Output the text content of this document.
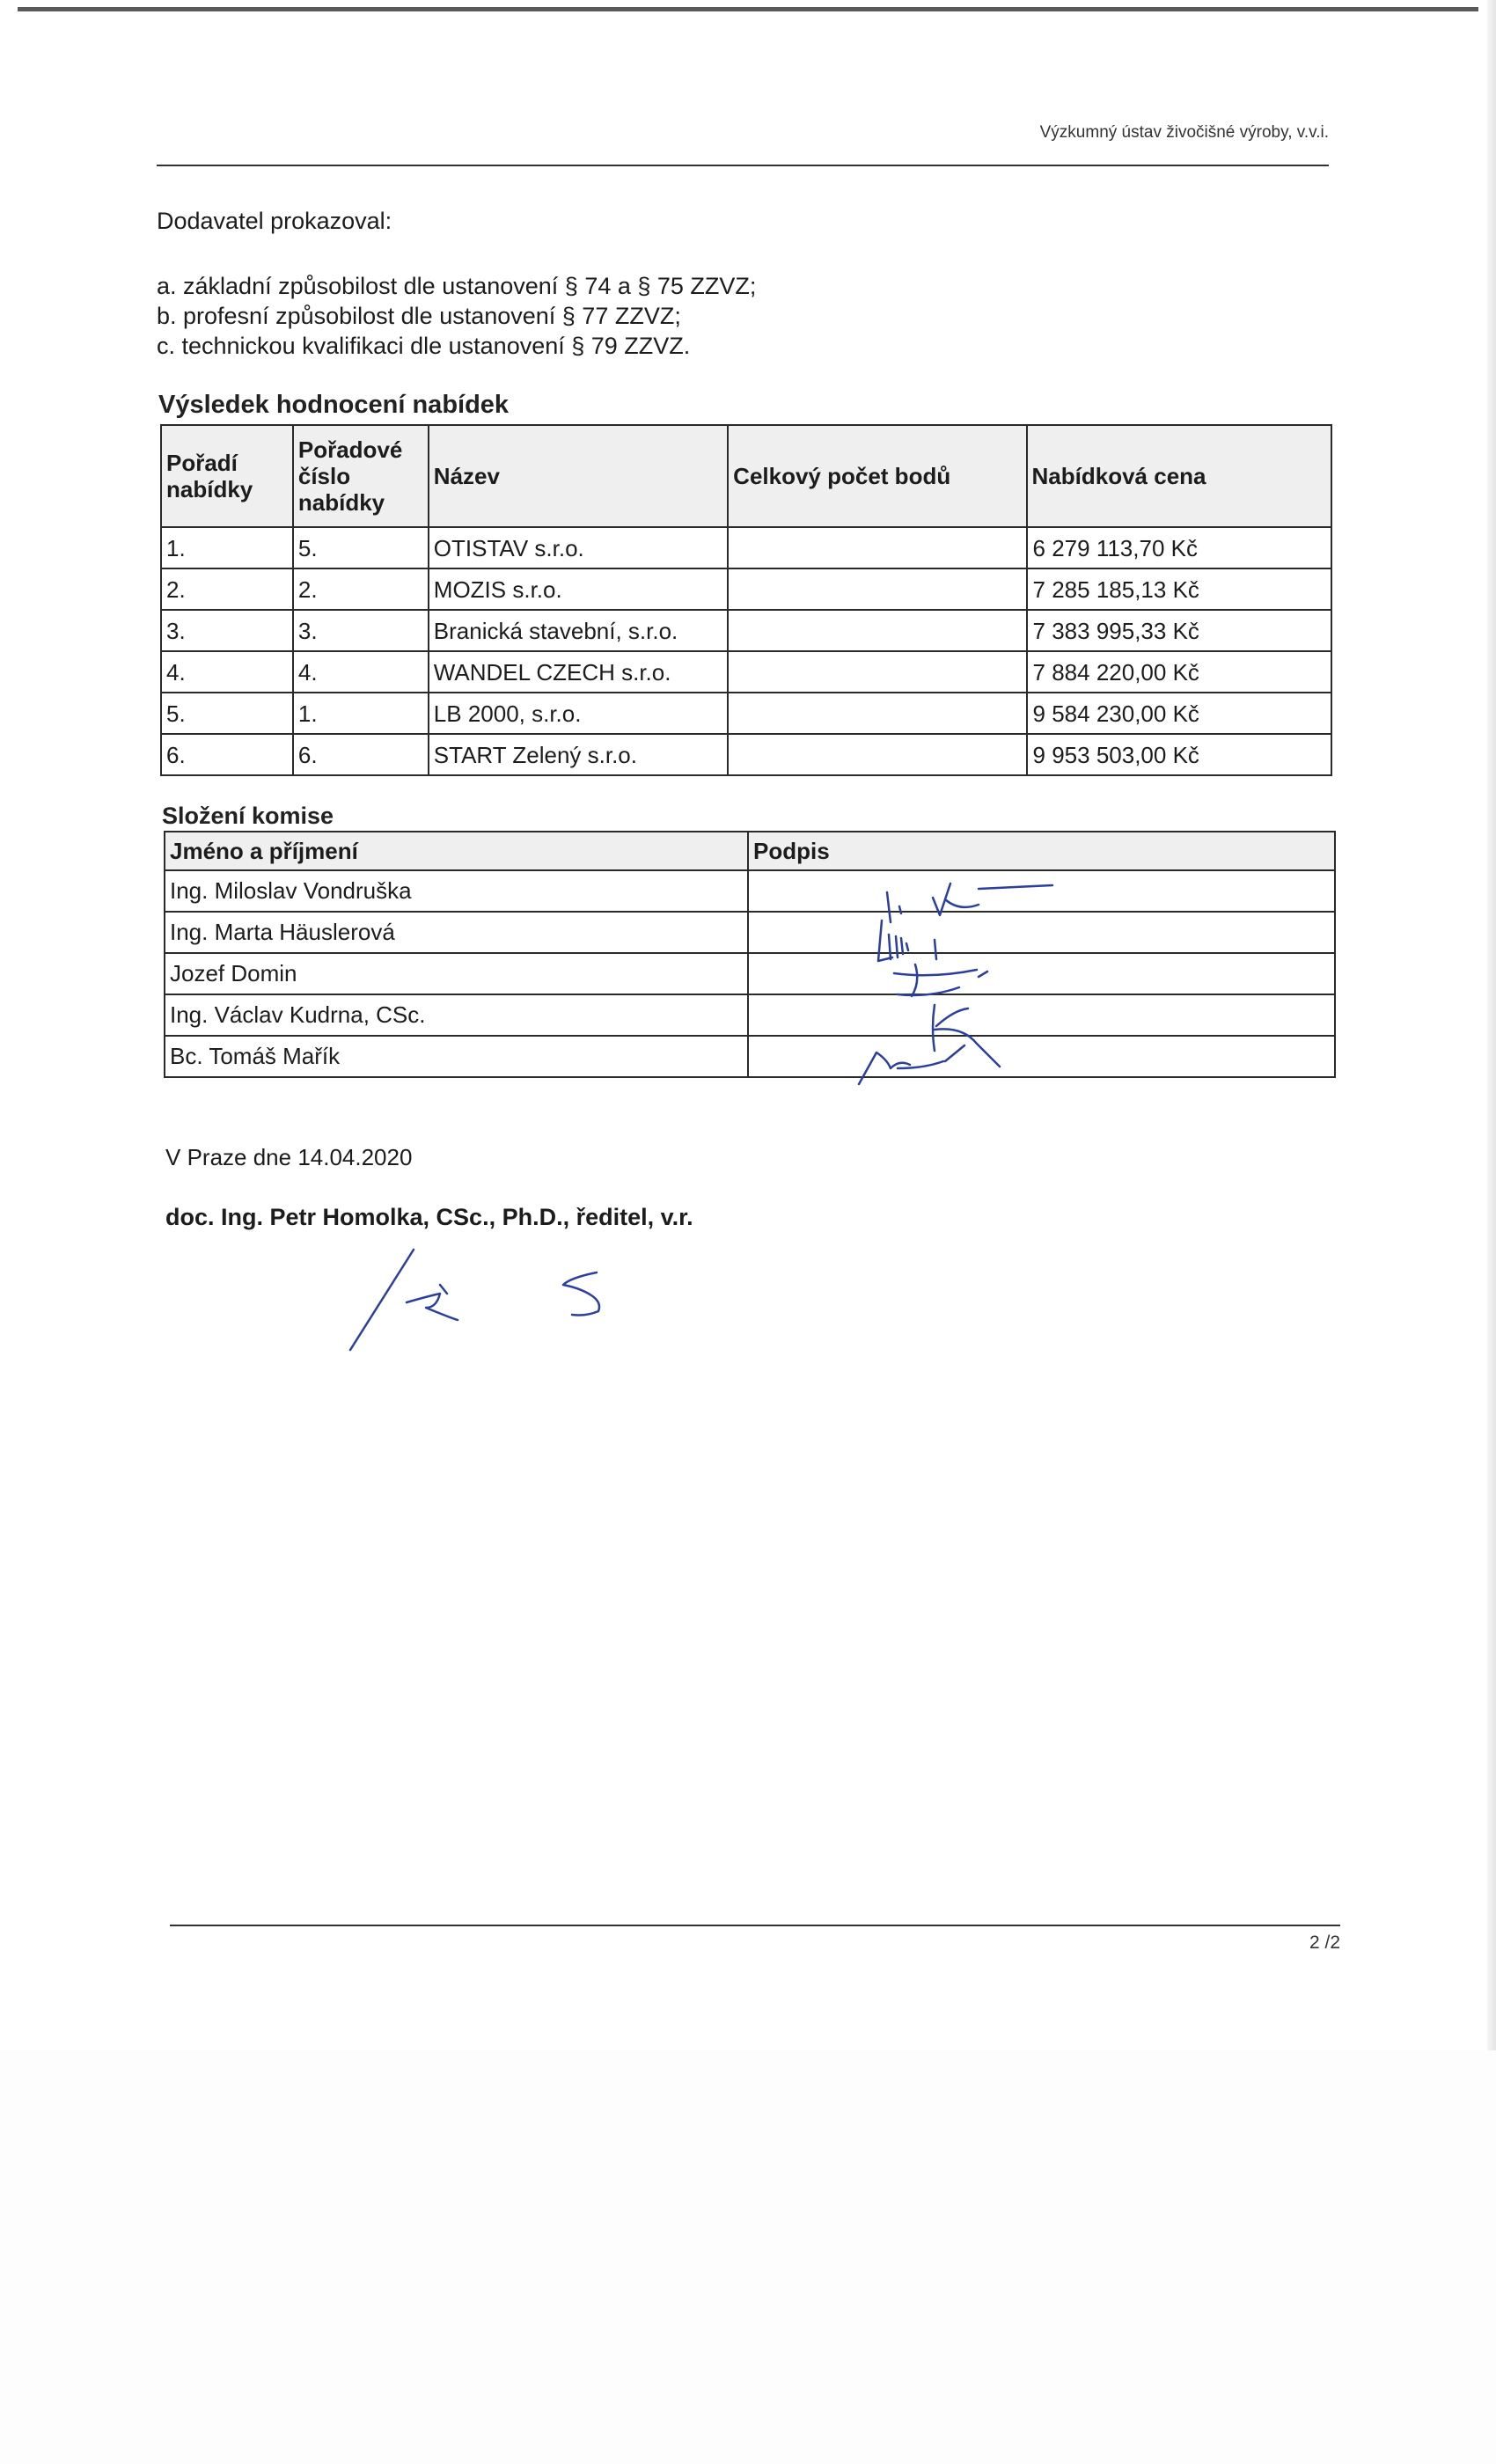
Výzkumný ústav živočišné výroby, v.v.i.
Dodavatel prokazoval:
a. základní způsobilost dle ustanovení § 74 a § 75 ZZVZ;
b. profesní způsobilost dle ustanovení § 77 ZZVZ;
c. technickou kvalifikaci dle ustanovení § 79 ZZVZ.
Výsledek hodnocení nabídek
Pořadí nabídky	Pořadové číslo nabídky	Název	Celkový počet bodů	Nabídková cena
1.	5.	OTISTAV s.r.o.		6 279 113,70 Kč
2.	2.	MOZIS s.r.o.		7 285 185,13 Kč
3.	3.	Branická stavební, s.r.o.		7 383 995,33 Kč
4.	4.	WANDEL CZECH s.r.o.		7 884 220,00 Kč
5.	1.	LB 2000, s.r.o.		9 584 230,00 Kč
6.	6.	START Zelený s.r.o.		9 953 503,00 Kč
Složení komise
Jméno a příjmení	Podpis
Ing. Miloslav Vondruška	
Ing. Marta Häuslerová	
Jozef Domin	
Ing. Václav Kudrna, CSc.	
Bc. Tomáš Mařík	
V Praze dne 14.04.2020
doc. Ing. Petr Homolka, CSc., Ph.D., ředitel, v.r.
2 /2
